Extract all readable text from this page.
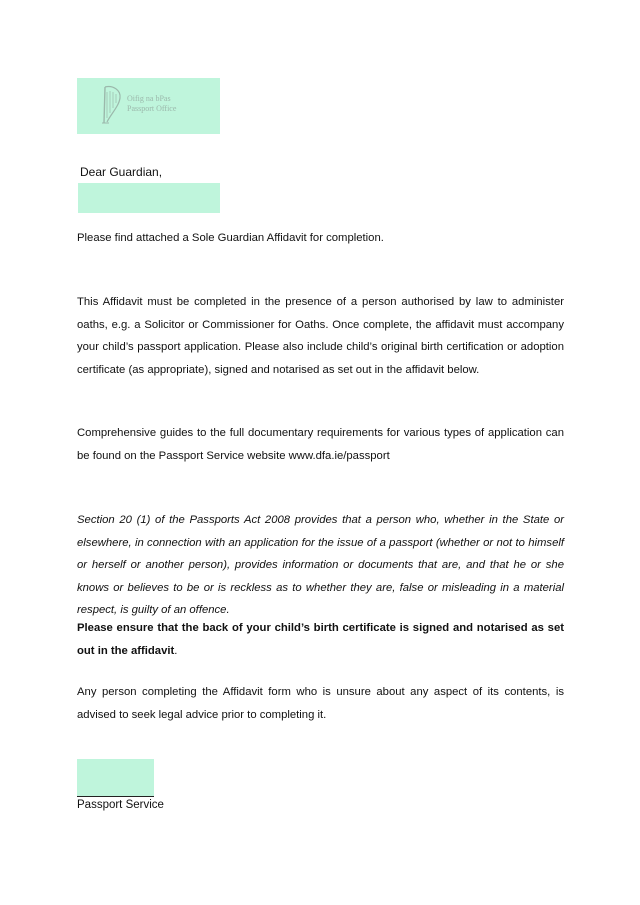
Oifig na bPas
Passport Office
Dear Guardian,
Please find attached a Sole Guardian Affidavit for completion.
This Affidavit must be completed in the presence of a person authorised by law to administer oaths, e.g. a Solicitor or Commissioner for Oaths. Once complete, the affidavit must accompany your child’s passport application. Please also include child’s original birth certification or adoption certificate (as appropriate), signed and notarised as set out in the affidavit below.
Comprehensive guides to the full documentary requirements for various types of application can be found on the Passport Service website www.dfa.ie/passport
Section 20 (1) of the Passports Act 2008 provides that a person who, whether in the State or elsewhere, in connection with an application for the issue of a passport (whether or not to himself or herself or another person), provides information or documents that are, and that he or she knows or believes to be or is reckless as to whether they are, false or misleading in a material respect, is guilty of an offence.
Please ensure that the back of your child’s birth certificate is signed and notarised as set out in the affidavit.
Any person completing the Affidavit form who is unsure about any aspect of its contents, is advised to seek legal advice prior to completing it.
Passport Service
